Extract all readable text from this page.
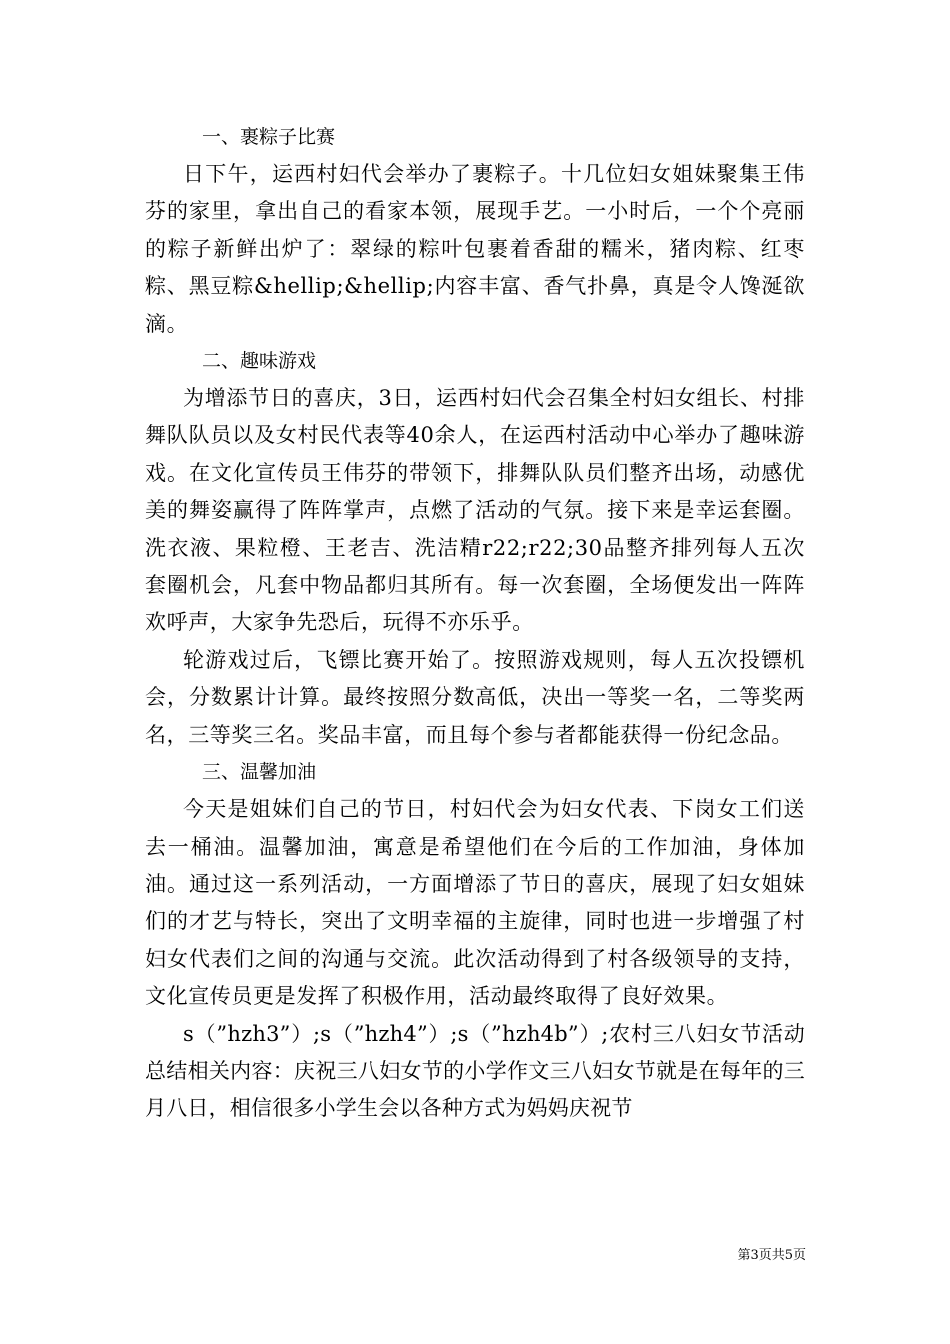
一、裹粽子比赛

日下午，运西村妇代会举办了裹粽子。十几位妇女姐妹聚集王伟芬的家里，拿出自己的看家本领，展现手艺。一小时后，一个个亮丽的粽子新鲜出炉了：翠绿的粽叶包裹着香甜的糯米，猪肉粽、红枣粽、黑豆粽&hellip;&hellip;内容丰富、香气扑鼻，真是令人馋涎欲滴。

二、趣味游戏

为增添节日的喜庆，3日，运西村妇代会召集全村妇女组长、村排舞队队员以及女村民代表等40余人，在运西村活动中心举办了趣味游戏。在文化宣传员王伟芬的带领下，排舞队队员们整齐出场，动感优美的舞姿赢得了阵阵掌声，点燃了活动的气氛。接下来是幸运套圈。洗衣液、果粒橙、王老吉、洗洁精r22;r22;30品整齐排列每人五次套圈机会，凡套中物品都归其所有。每一次套圈，全场便发出一阵阵欢呼声，大家争先恐后，玩得不亦乐乎。

轮游戏过后，飞镖比赛开始了。按照游戏规则，每人五次投镖机会，分数累计计算。最终按照分数高低，决出一等奖一名，二等奖两名，三等奖三名。奖品丰富，而且每个参与者都能获得一份纪念品。

三、温馨加油

今天是姐妹们自己的节日，村妇代会为妇女代表、下岗女工们送去一桶油。温馨加油，寓意是希望他们在今后的工作加油，身体加油。通过这一系列活动，一方面增添了节日的喜庆，展现了妇女姐妹们的才艺与特长，突出了文明幸福的主旋律，同时也进一步增强了村妇女代表们之间的沟通与交流。此次活动得到了村各级领导的支持，文化宣传员更是发挥了积极作用，活动最终取得了良好效果。

s（”hzh3”）;s（”hzh4”）;s（”hzh4b”）;农村三八妇女节活动总结相关内容：庆祝三八妇女节的小学作文三八妇女节就是在每年的三月八日，相信很多小学生会以各种方式为妈妈庆祝节

第3页共5页
